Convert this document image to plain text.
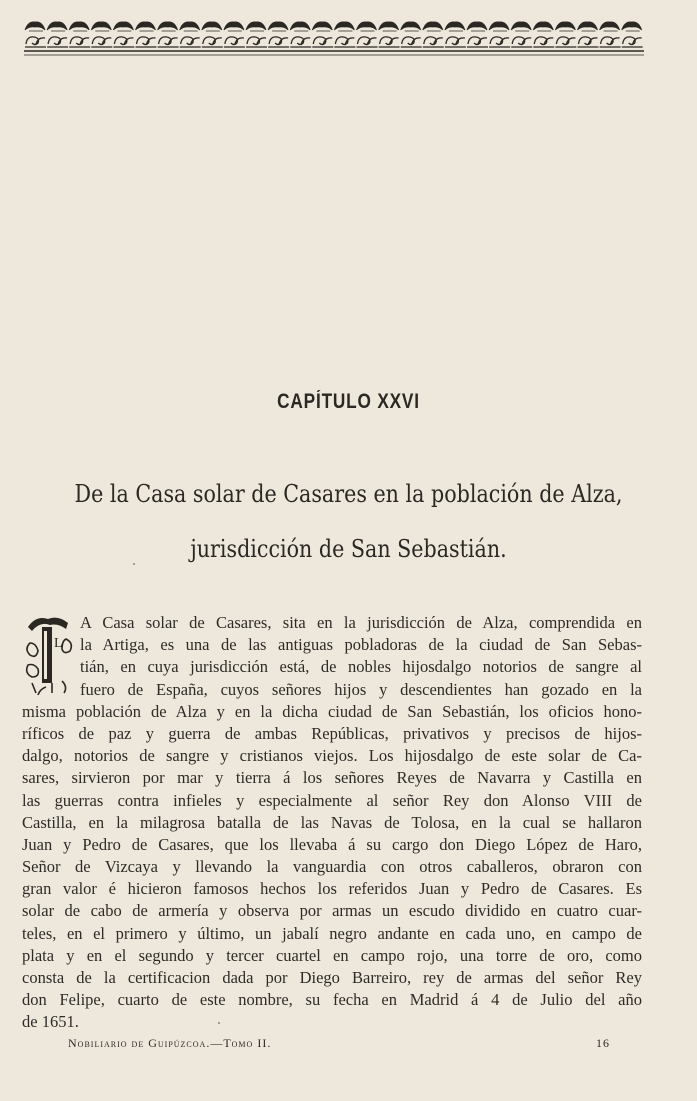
CAPÍTULO XXVI
De la Casa solar de Casares en la población de Alza,
jurisdicción de San Sebastián.
L
A Casa solar de Casares, sita en la jurisdicción de Alza, comprendida en
la Artiga, es una de las antiguas pobladoras de la ciudad de San Sebas-
tián, en cuya jurisdicción está, de nobles hijosdalgo notorios de sangre al
fuero de España, cuyos señores hijos y descendientes han gozado en la
misma población de Alza y en la dicha ciudad de San Sebastián, los oficios hono-
ríficos de paz y guerra de ambas Repúblicas, privativos y precisos de hijos-
dalgo, notorios de sangre y cristianos viejos. Los hijosdalgo de este solar de Ca-
sares, sirvieron por mar y tierra á los señores Reyes de Navarra y Castilla en
las guerras contra infieles y especialmente al señor Rey don Alonso VIII de
Castilla, en la milagrosa batalla de las Navas de Tolosa, en la cual se hallaron
Juan y Pedro de Casares, que los llevaba á su cargo don Diego López de Haro,
Señor de Vizcaya y llevando la vanguardia con otros caballeros, obraron con
gran valor é hicieron famosos hechos los referidos Juan y Pedro de Casares. Es
solar de cabo de armería y observa por armas un escudo dividido en cuatro cuar-
teles, en el primero y último, un jabalí negro andante en cada uno, en campo de
plata y en el segundo y tercer cuartel en campo rojo, una torre de oro, como
consta de la certificacion dada por Diego Barreiro, rey de armas del señor Rey
don Felipe, cuarto de este nombre, su fecha en Madrid á 4 de Julio del año
de 1651.
Nobiliario de Guipúzcoa.—Tomo II.	16
